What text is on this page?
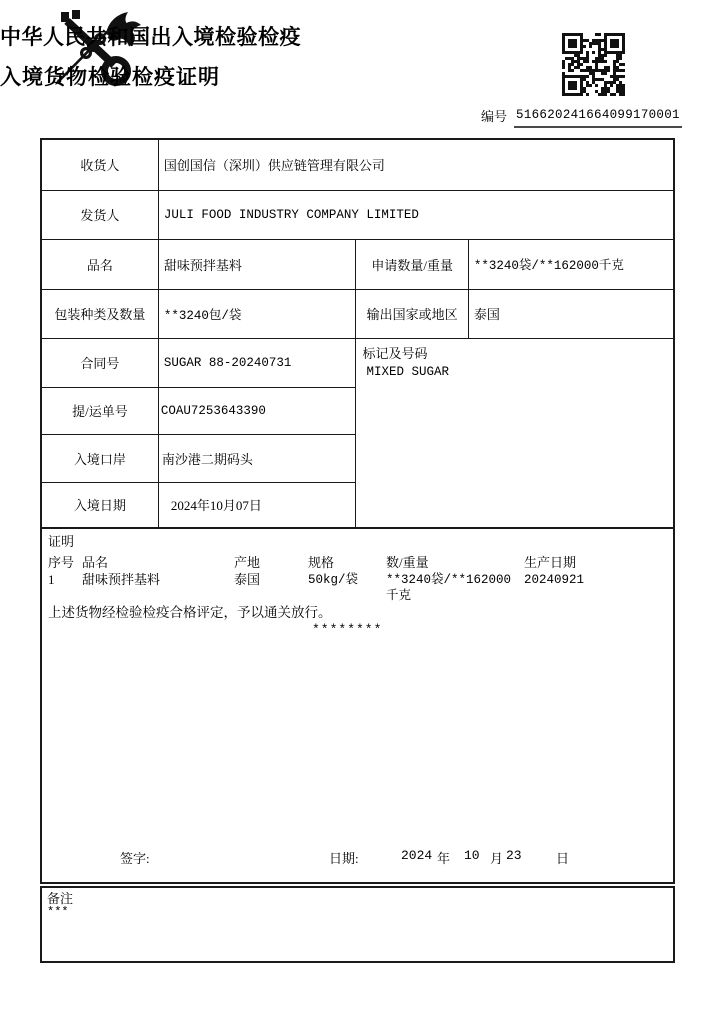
中华人民共和国出入境检验检疫
入境货物检验检疫证明
编号 516620241664099170001
收货人	国创国信（深圳）供应链管理有限公司		
发货人	JULI FOOD INDUSTRY COMPANY LIMITED		
品名	甜味预拌基料	申请数量/重量	**3240袋/**162000千克
包装种类及数量	**3240包/袋	输出国家或地区	泰国
合同号	SUGAR 88-20240731	标记及号码
MIXED SUGAR	

提/运单号	COAU7253643390		
入境口岸	南沙港二期码头		
入境日期	2024年10月07日		
证明
序号	品名	产地	规格	数/重量	生产日期
1	甜味预拌基料	泰国	50kg/袋	**3240袋/**162000千克	20240921
上述货物经检验检疫合格评定，予以通关放行。
********
签字:	日期:	2024 年 10 月 23	日
备注
***
